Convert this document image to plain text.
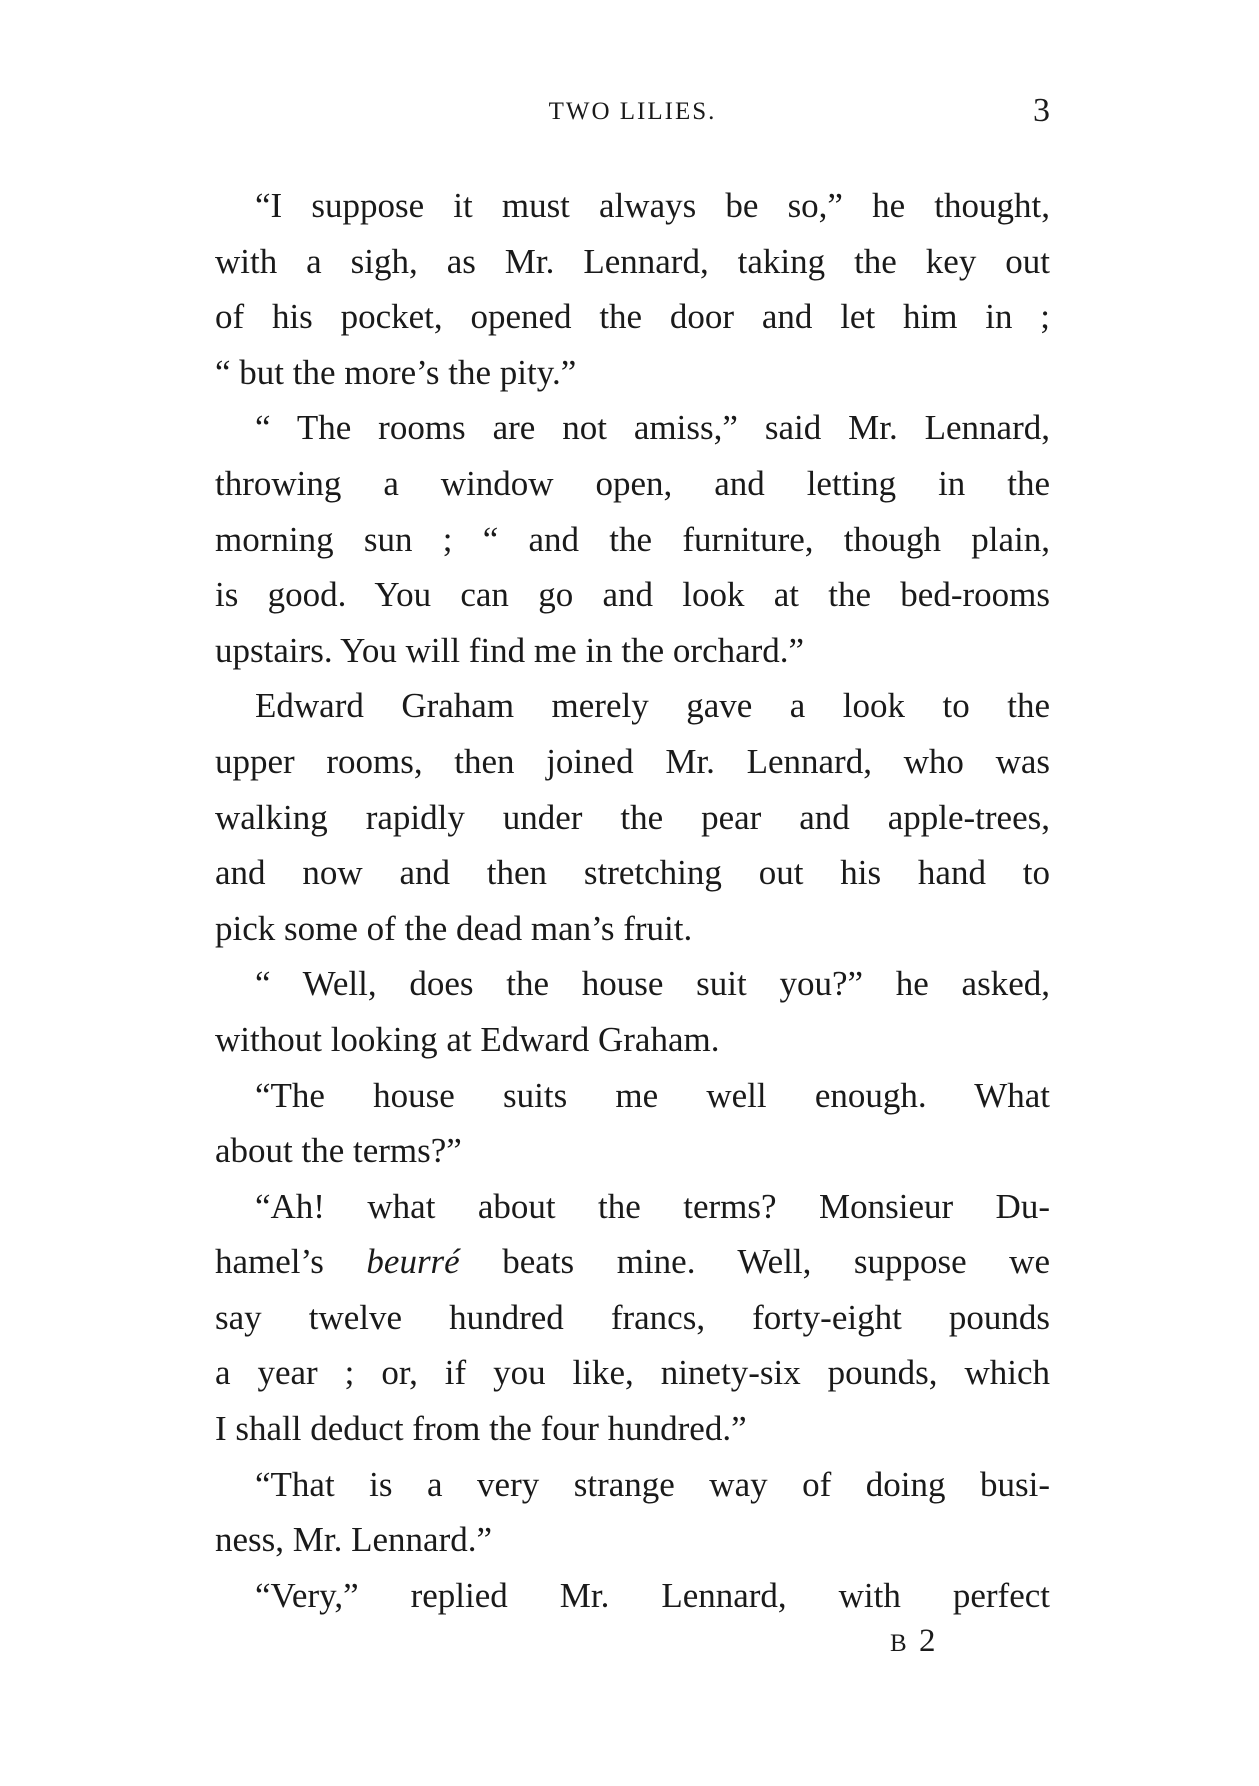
TWO LILIES.	3
“I suppose it must always be so,” he thought,
with a sigh, as Mr. Lennard, taking the key out
of his pocket, opened the door and let him in ;
“ but the more’s the pity.”
“ The rooms are not amiss,” said Mr. Lennard,
throwing a window open, and letting in the
morning sun ; “ and the furniture, though plain,
is good. You can go and look at the bed-rooms
upstairs. You will find me in the orchard.”
Edward Graham merely gave a look to the
upper rooms, then joined Mr. Lennard, who was
walking rapidly under the pear and apple-trees,
and now and then stretching out his hand to
pick some of the dead man’s fruit.
“ Well, does the house suit you?” he asked,
without looking at Edward Graham.
“The house suits me well enough. What
about the terms?”
“Ah! what about the terms? Monsieur Du-
hamel’s beurré beats mine. Well, suppose we
say twelve hundred francs, forty-eight pounds
a year ; or, if you like, ninety-six pounds, which
I shall deduct from the four hundred.”
“That is a very strange way of doing busi-
ness, Mr. Lennard.”
“Very,” replied Mr. Lennard, with perfect
B 2
